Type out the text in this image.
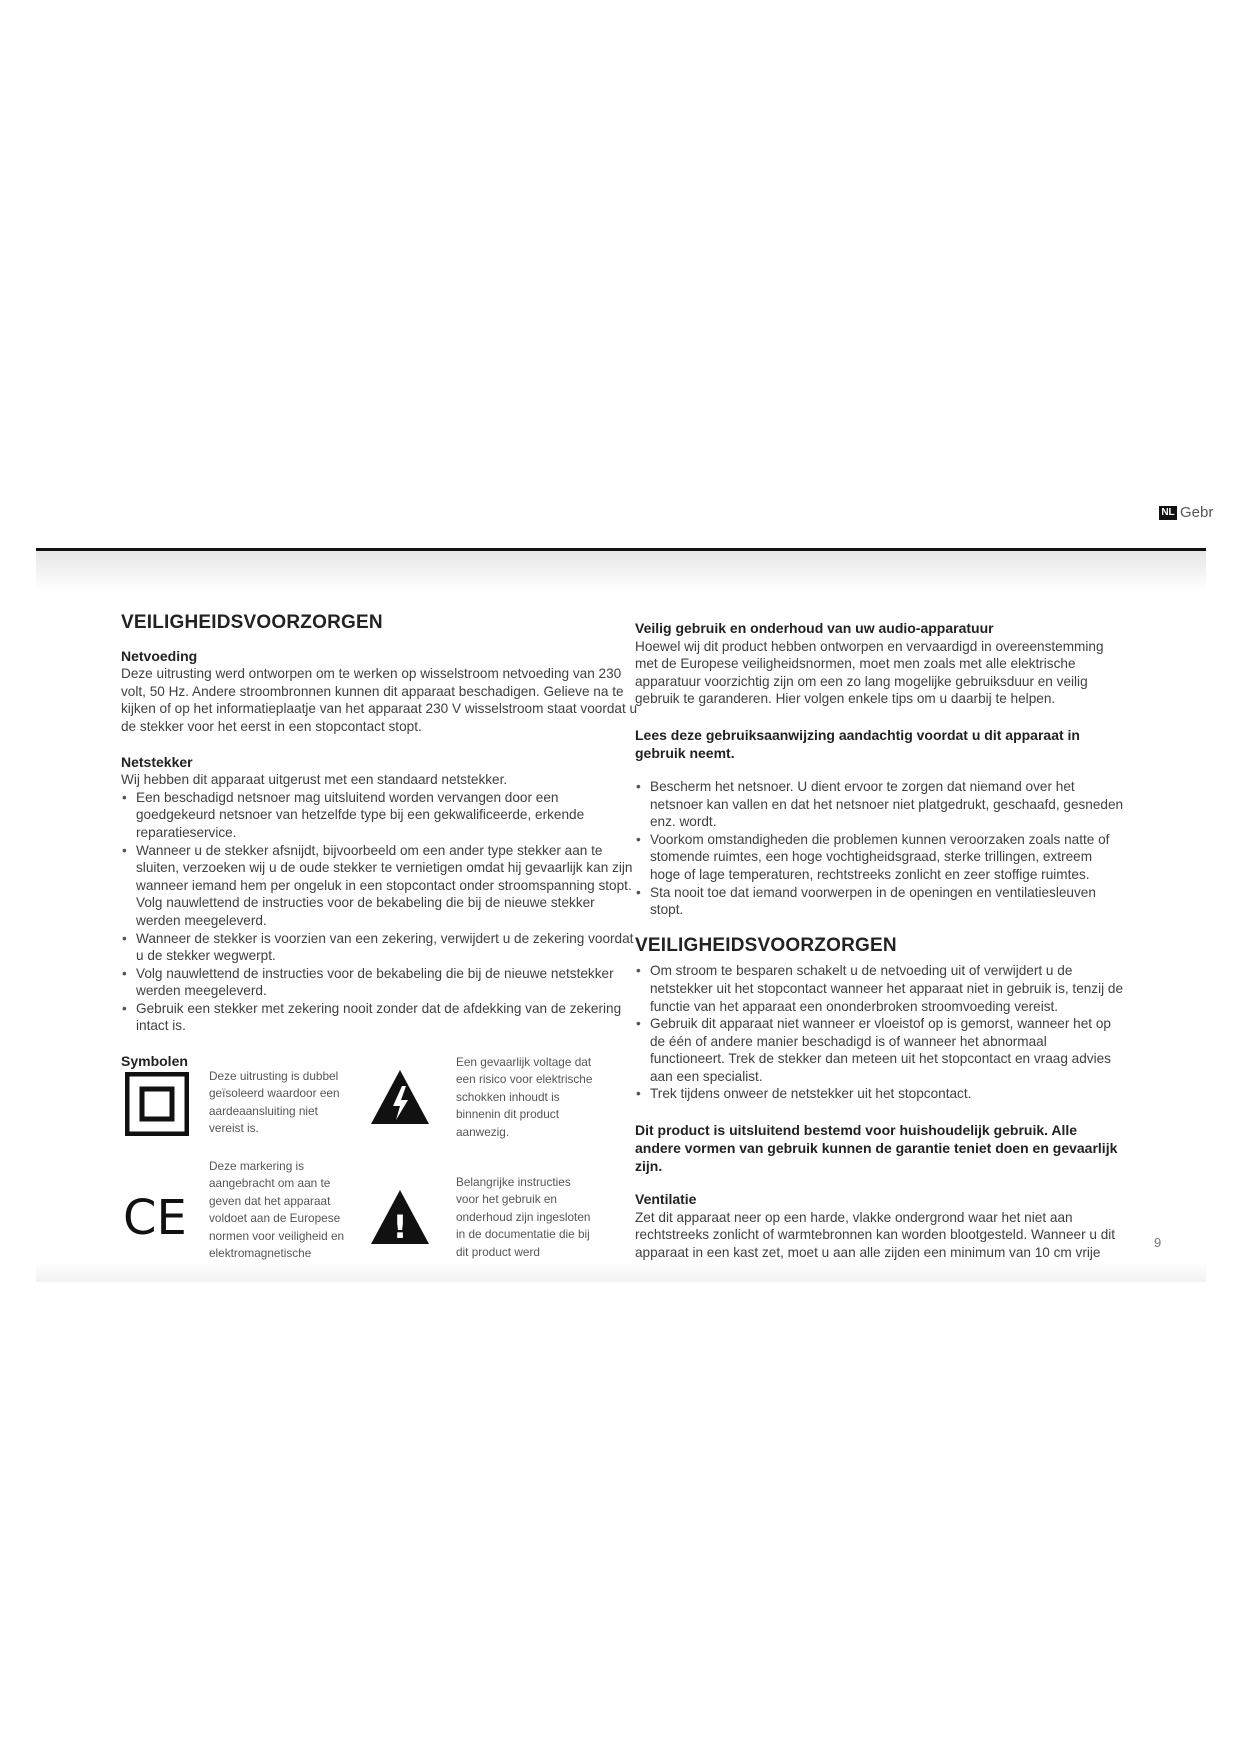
NL Gebr
VEILIGHEIDSVOORZORGEN
Netvoeding

Deze uitrusting werd ontworpen om te werken op wisselstroom netvoeding van 230 volt, 50 Hz. Andere stroombronnen kunnen dit apparaat beschadigen. Gelieve na te kijken of op het informatieplaatje van het apparaat 230 V wisselstroom staat voordat u de stekker voor het eerst in een stopcontact stopt.

Netstekker

Wij hebben dit apparaat uitgerust met een standaard netstekker.

• Een beschadigd netsnoer mag uitsluitend worden vervangen door een goedgekeurd netsnoer van hetzelfde type bij een gekwalificeerde, erkende reparatieservice.
• Wanneer u de stekker afsnijdt, bijvoorbeeld om een ander type stekker aan te sluiten, verzoeken wij u de oude stekker te vernietigen omdat hij gevaarlijk kan zijn wanneer iemand hem per ongeluk in een stopcontact onder stroomspanning stopt. Volg nauwlettend de instructies voor de bekabeling die bij de nieuwe stekker werden meegeleverd.
• Wanneer de stekker is voorzien van een zekering, verwijdert u de zekering voordat u de stekker wegwerpt.
• Volg nauwlettend de instructies voor de bekabeling die bij de nieuwe netstekker werden meegeleverd.
• Gebruik een stekker met zekering nooit zonder dat de afdekking van de zekering intact is.
Symbolen
Deze uitrusting is dubbel geïsoleerd waardoor een aardeaansluiting niet vereist is.
Een gevaarlijk voltage dat een risico voor elektrische schokken inhoudt is binnenin dit product aanwezig.
CE
Deze markering is aangebracht om aan te geven dat het apparaat voldoet aan de Europese normen voor veiligheid en elektromagnetische
!
Belangrijke instructies voor het gebruik en onderhoud zijn ingesloten in de documentatie die bij dit product werd
Veilig gebruik en onderhoud van uw audio-apparatuur

Hoewel wij dit product hebben ontworpen en vervaardigd in overeenstemming met de Europese veiligheidsnormen, moet men zoals met alle elektrische apparatuur voorzichtig zijn om een zo lang mogelijke gebruiksduur en veilig gebruik te garanderen. Hier volgen enkele tips om u daarbij te helpen.

Lees deze gebruiksaanwijzing aandachtig voordat u dit apparaat in gebruik neemt.

• Bescherm het netsnoer. U dient ervoor te zorgen dat niemand over het netsnoer kan vallen en dat het netsnoer niet platgedrukt, geschaafd, gesneden enz. wordt.
• Voorkom omstandigheden die problemen kunnen veroorzaken zoals natte of stomende ruimtes, een hoge vochtigheidsgraad, sterke trillingen, extreem hoge of lage temperaturen, rechtstreeks zonlicht en zeer stoffige ruimtes.
• Sta nooit toe dat iemand voorwerpen in de openingen en ventilatiesleuven stopt.
VEILIGHEIDSVOORZORGEN
• Om stroom te besparen schakelt u de netvoeding uit of verwijdert u de netstekker uit het stopcontact wanneer het apparaat niet in gebruik is, tenzij de functie van het apparaat een ononderbroken stroomvoeding vereist.
• Gebruik dit apparaat niet wanneer er vloeistof op is gemorst, wanneer het op de één of andere manier beschadigd is of wanneer het abnormaal functioneert. Trek de stekker dan meteen uit het stopcontact en vraag advies aan een specialist.
• Trek tijdens onweer de netstekker uit het stopcontact.

Dit product is uitsluitend bestemd voor huishoudelijk gebruik. Alle andere vormen van gebruik kunnen de garantie teniet doen en gevaarlijk zijn.

Ventilatie

Zet dit apparaat neer op een harde, vlakke ondergrond waar het niet aan rechtstreeks zonlicht of warmtebronnen kan worden blootgesteld. Wanneer u dit apparaat in een kast zet, moet u aan alle zijden een minimum van 10 cm vrije

9
